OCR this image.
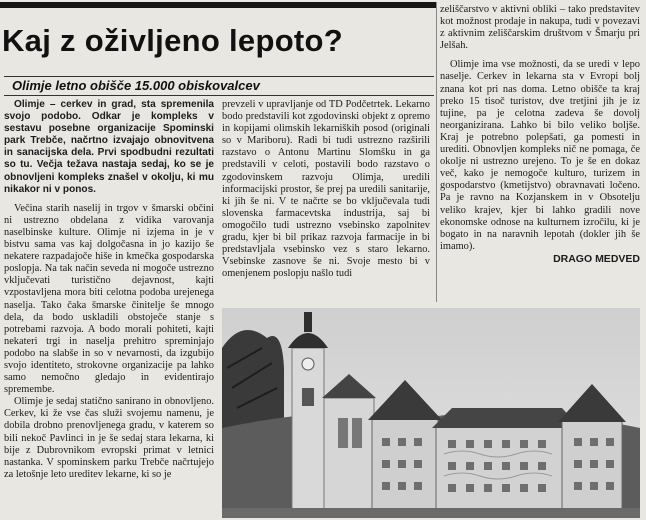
Kaj z oživljeno lepoto?
Olimje letno obišče 15.000 obiskovalcev

Olimje – cerkev in grad, sta spremenila svojo podobo. Odkar je kompleks v sestavu posebne organizacije Spominski park Trebče, načrtno izvajajo obnovitvena in sanacijska dela. Prvi spodbudni rezultati so tu. Večja težava nastaja sedaj, ko se je obnovljeni kompleks znašel v okolju, ki mu nikakor ni v ponos.

Večina starih naselij in trgov v šmarski občini ni ustrezno obdelana z vidika varovanja naselbinske kulture. Olimje ni izjema in je v bistvu sama vas kaj dolgočasna in jo kazijo še nekatere razpadajoče hiše in kmečka gospodarska poslopja. Na tak način seveda ni mogoče ustrezno vključevati turistično dejavnost, kajti vzpostavljena mora biti celotna podoba urejenega naselja. Tako čaka šmarske činitelje še mnogo dela, da bodo uskladili obstoječe stanje s potrebami razvoja. A bodo morali pohiteti, kajti nekateri trgi in naselja prehitro spreminjajo podobo na slabše in so v nevarnosti, da izgubijo svojo identiteto, strokovne organizacije pa lahko samo nemočno gledajo in evidentirajo spremembe.

Olimje je sedaj statično sanirano in obnovljeno. Cerkev, ki že vse čas služi svojemu namenu, je dobila drobno prenovljenega gradu, v katerem so bili nekoč Pavlinci in je še sedaj stara lekarna, ki bije z Dubrovnikom evropski primat v letnici nastanka. V spominskem parku Trebče načrtujejo za letošnje leto ureditev lekarne, ki so je

prevzeli v upravljanje od TD Podčetrtek. Lekarno bodo predstavili kot zgodovinski objekt z opremo in kopijami olimskih lekarniških posod (originali so v Mariboru). Radi bi tudi ustrezno razširili razstavo o Antonu Martinu Slomšku in ga predstavili v celoti, postavili bodo razstavo o zgodovinskem razvoju Olimja, uredili informacijski prostor, še prej pa uredili sanitarije, ki jih še ni. V te načrte se bo vključevala tudi slovenska farmacevtska industrija, saj bi omogočilo tudi ustrezno vsebinsko zapolnitev gradu, kjer bi bil prikaz razvoja farmacije in bi predstavljala vsebinsko vez s staro lekarno. Vsebinske zasnove še ni. Svoje mesto bi v omenjenem poslopju našlo tudi

zeliščarstvo v aktivni obliki – tako predstavitev kot možnost prodaje in nakupa, tudi v povezavi z aktivnim zeliščarskim društvom v Šmarju pri Jelšah.

Olimje ima vse možnosti, da se uredi v lepo naselje. Cerkev in lekarna sta v Evropi bolj znana kot pri nas doma. Letno obišče ta kraj preko 15 tisoč turistov, dve tretjini jih je iz tujine, pa je celotna zadeva še dovolj neorganizirana. Lahko bi bilo veliko boljše. Kraj je potrebno polepšati, ga pomesti in urediti. Obnovljen kompleks nič ne pomaga, če okolje ni ustrezno urejeno. To je še en dokaz več, kako je nemogoče kulturo, turizem in gospodarstvo (kmetijstvo) obravnavati ločeno. Pa je ravno na Kozjanskem in v Obsotelju veliko krajev, kjer bi lahko gradili nove ekonomske odnose na kulturnem izročilu, ki je bogato in na naravnih lepotah (dokler jih še imamo).

DRAGO MEDVED
